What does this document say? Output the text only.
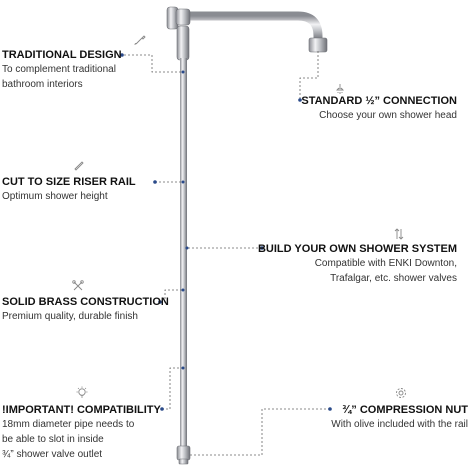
TRADITIONAL DESIGN
To complement traditional
bathroom interiors
STANDARD ½” CONNECTION
Choose your own shower head
CUT TO SIZE RISER RAIL
Optimum shower height
BUILD YOUR OWN SHOWER SYSTEM
Compatible with ENKI Downton,
Trafalgar, etc. shower valves
SOLID BRASS CONSTRUCTION
Premium quality, durable finish
!IMPORTANT! COMPATIBILITY
18mm diameter pipe needs to
be able to slot in inside
¾” shower valve outlet
¾” COMPRESSION NUT
With olive included with the rail
